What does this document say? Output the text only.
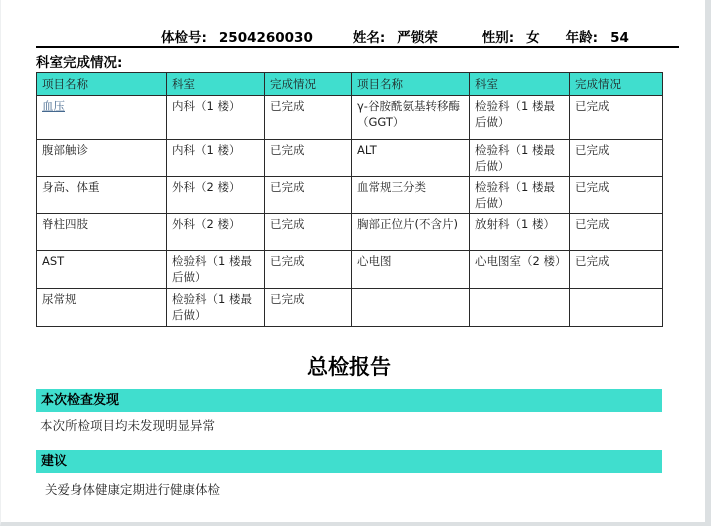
体检号: 2504260030	姓名: 严锁荣	性别: 女 年龄: 54
科室完成情况:
项目名称	科室	完成情况	项目名称	科室	完成情况
血压	内科（1 楼）	已完成	γ-谷胺酰氨基转移酶（GGT）	检验科（1 楼最后做）	已完成
腹部触诊	内科（1 楼）	已完成	ALT	检验科（1 楼最后做）	已完成
身高、体重	外科（2 楼）	已完成	血常规三分类	检验科（1 楼最后做）	已完成
脊柱四肢	外科（2 楼）	已完成	胸部正位片(不含片)	放射科（1 楼）	已完成
AST	检验科（1 楼最后做）	已完成	心电图	心电图室（2 楼）	已完成
尿常规	检验科（1 楼最后做）	已完成			
总检报告
本次检查发现
本次所检项目均未发现明显异常
建议
关爱身体健康定期进行健康体检
